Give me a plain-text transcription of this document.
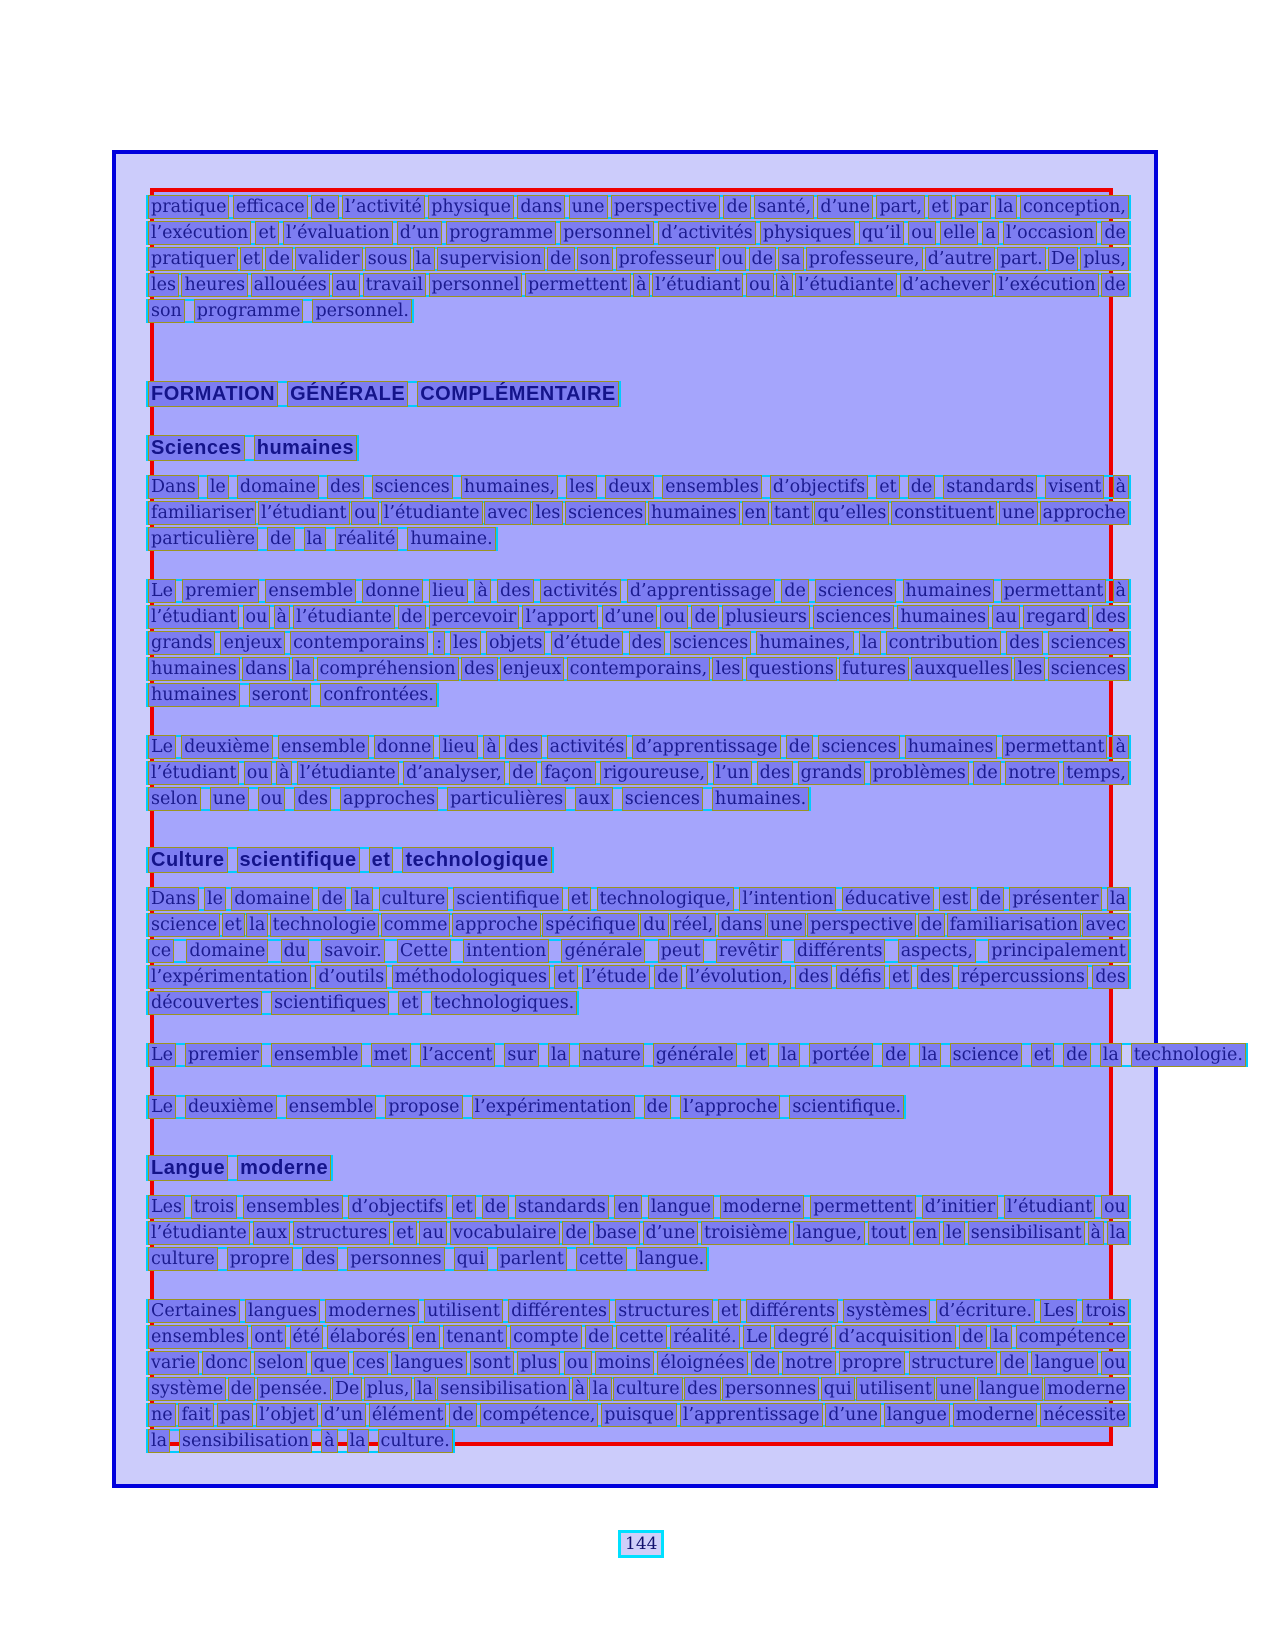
pratique efficace de l’activité physique dans une perspective de santé, d’une part, et par la conception,
l’exécution et l’évaluation d’un programme personnel d’activités physiques qu’il ou elle a l’occasion de
pratiquer et de valider sous la supervision de son professeur ou de sa professeure, d’autre part. De plus,
les heures allouées au travail personnel permettent à l’étudiant ou à l’étudiante d’achever l’exécution de
son programme personnel.
FORMATION GÉNÉRALE COMPLÉMENTAIRE
Sciences humaines
Dans le domaine des sciences humaines, les deux ensembles d’objectifs et de standards visent à
familiariser l’étudiant ou l’étudiante avec les sciences humaines en tant qu’elles constituent une approche
particulière de la réalité humaine.
Le premier ensemble donne lieu à des activités d’apprentissage de sciences humaines permettant à
l’étudiant ou à l’étudiante de percevoir l’apport d’une ou de plusieurs sciences humaines au regard des
grands enjeux contemporains : les objets d’étude des sciences humaines, la contribution des sciences
humaines dans la compréhension des enjeux contemporains, les questions futures auxquelles les sciences
humaines seront confrontées.
Le deuxième ensemble donne lieu à des activités d’apprentissage de sciences humaines permettant à
l’étudiant ou à l’étudiante d’analyser, de façon rigoureuse, l’un des grands problèmes de notre temps,
selon une ou des approches particulières aux sciences humaines.
Culture scientifique et technologique
Dans le domaine de la culture scientifique et technologique, l’intention éducative est de présenter la
science et la technologie comme approche spécifique du réel, dans une perspective de familiarisation avec
ce domaine du savoir. Cette intention générale peut revêtir différents aspects, principalement
l’expérimentation d’outils méthodologiques et l’étude de l’évolution, des défis et des répercussions des
découvertes scientifiques et technologiques.
Le premier ensemble met l’accent sur la nature générale et la portée de la science et de la technologie.
Le deuxième ensemble propose l’expérimentation de l’approche scientifique.
Langue moderne
Les trois ensembles d’objectifs et de standards en langue moderne permettent d’initier l’étudiant ou
l’étudiante aux structures et au vocabulaire de base d’une troisième langue, tout en le sensibilisant à la
culture propre des personnes qui parlent cette langue.
Certaines langues modernes utilisent différentes structures et différents systèmes d’écriture. Les trois
ensembles ont été élaborés en tenant compte de cette réalité. Le degré d’acquisition de la compétence
varie donc selon que ces langues sont plus ou moins éloignées de notre propre structure de langue ou
système de pensée. De plus, la sensibilisation à la culture des personnes qui utilisent une langue moderne
ne fait pas l’objet d’un élément de compétence, puisque l’apprentissage d’une langue moderne nécessite
la sensibilisation à la culture.
144
